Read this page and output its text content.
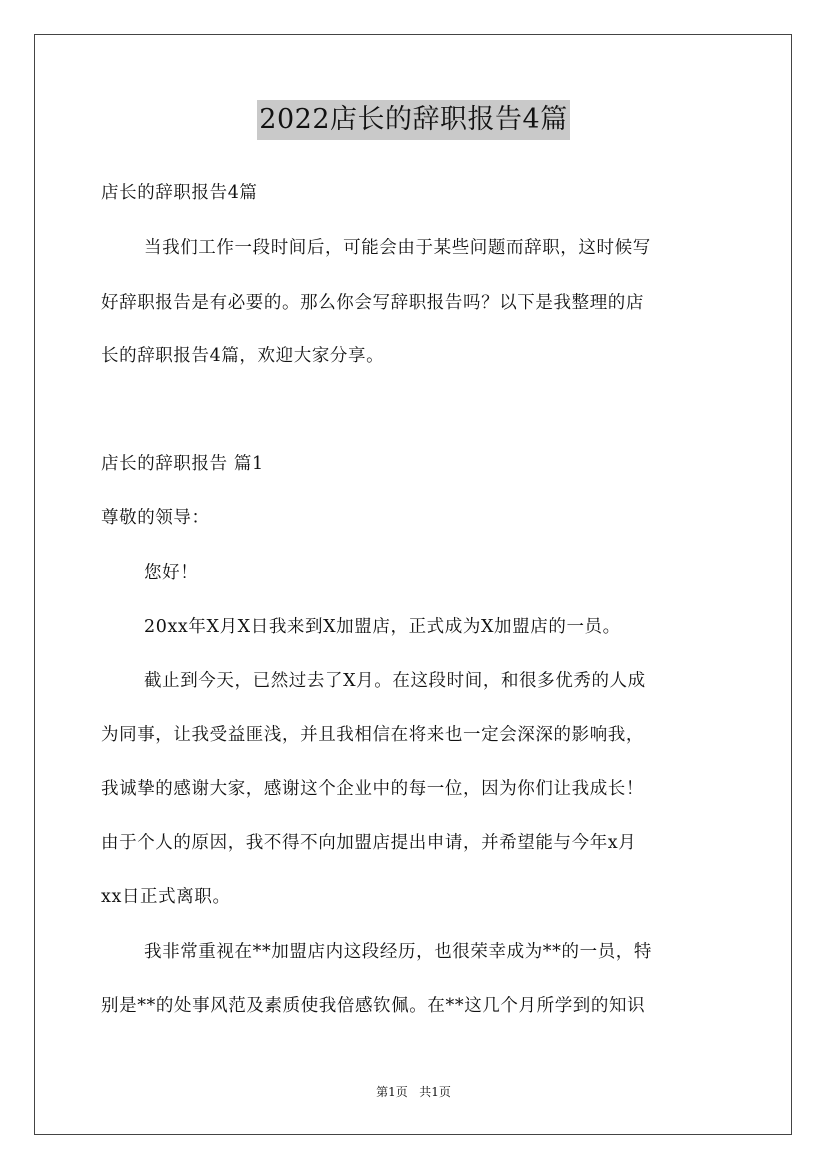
2022店长的辞职报告4篇
店长的辞职报告4篇
当我们工作一段时间后，可能会由于某些问题而辞职，这时候写
好辞职报告是有必要的。那么你会写辞职报告吗？以下是我整理的店
长的辞职报告4篇，欢迎大家分享。
店长的辞职报告 篇1
尊敬的领导：
您好！
20xx年X月X日我来到X加盟店，正式成为X加盟店的一员。
截止到今天，已然过去了X月。在这段时间，和很多优秀的人成
为同事，让我受益匪浅，并且我相信在将来也一定会深深的影响我，
我诚挚的感谢大家，感谢这个企业中的每一位，因为你们让我成长！
由于个人的原因，我不得不向加盟店提出申请，并希望能与今年x月
xx日正式离职。
我非常重视在**加盟店内这段经历，也很荣幸成为**的一员，特
别是**的处事风范及素质使我倍感钦佩。在**这几个月所学到的知识
第1页 共1页
